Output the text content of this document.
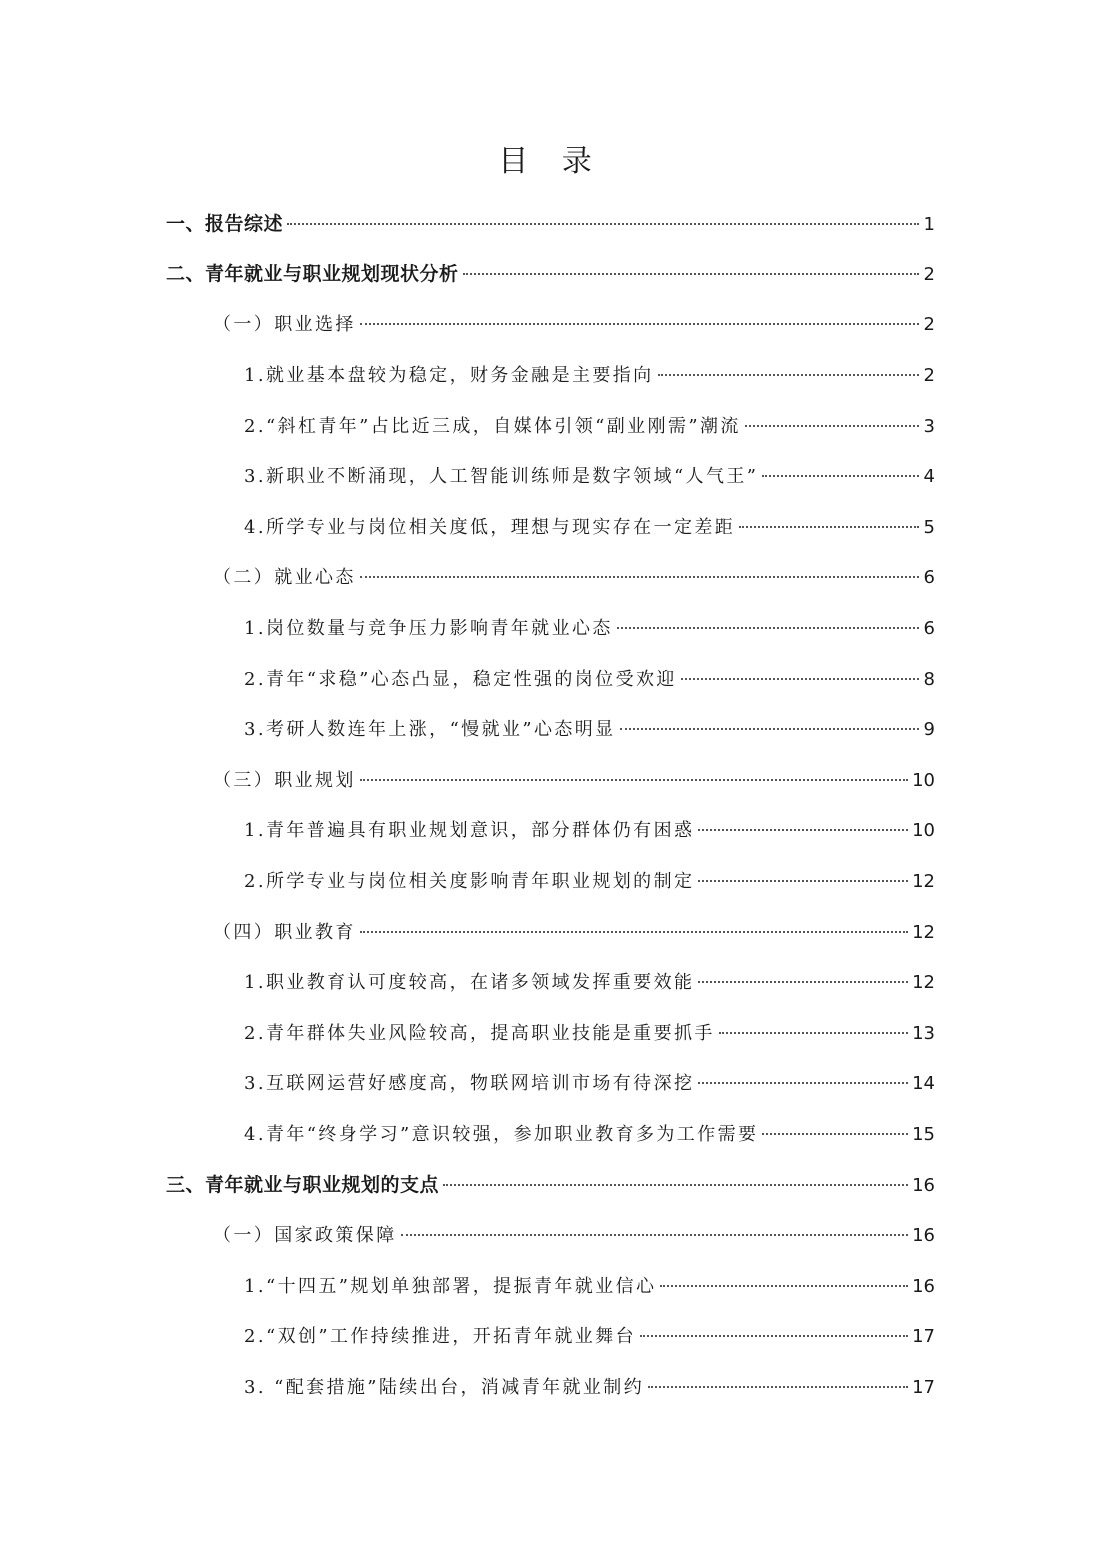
目 录
一、报告综述	1
二、青年就业与职业规划现状分析	2
（一）职业选择	2
1.就业基本盘较为稳定，财务金融是主要指向	2
2.“斜杠青年”占比近三成，自媒体引领“副业刚需”潮流	3
3.新职业不断涌现，人工智能训练师是数字领域“人气王”	4
4.所学专业与岗位相关度低，理想与现实存在一定差距	5
（二）就业心态	6
1.岗位数量与竞争压力影响青年就业心态	6
2.青年“求稳”心态凸显，稳定性强的岗位受欢迎	8
3.考研人数连年上涨，“慢就业”心态明显	9
（三）职业规划	10
1.青年普遍具有职业规划意识，部分群体仍有困惑	10
2.所学专业与岗位相关度影响青年职业规划的制定	12
（四）职业教育	12
1.职业教育认可度较高，在诸多领域发挥重要效能	12
2.青年群体失业风险较高，提高职业技能是重要抓手	13
3.互联网运营好感度高，物联网培训市场有待深挖	14
4.青年“终身学习”意识较强，参加职业教育多为工作需要	15
三、青年就业与职业规划的支点	16
（一）国家政策保障	16
1.“十四五”规划单独部署，提振青年就业信心	16
2.“双创”工作持续推进，开拓青年就业舞台	17
3. “配套措施”陆续出台，消减青年就业制约	17
